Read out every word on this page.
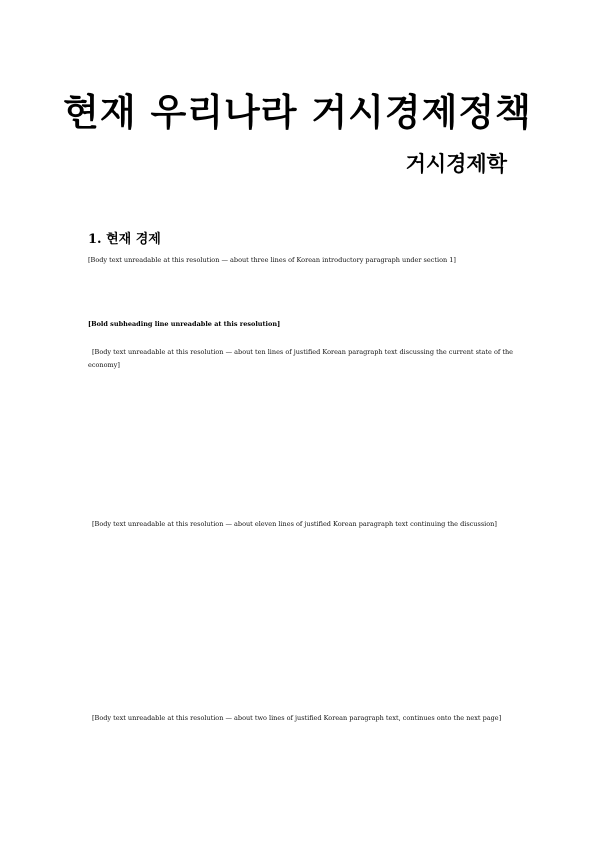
현재 우리나라 거시경제정책
거시경제학
1. 현재 경제
[Body text unreadable at this resolution — about three lines of Korean introductory paragraph under section 1]
[Bold subheading line unreadable at this resolution]
[Body text unreadable at this resolution — about ten lines of justified Korean paragraph text discussing the current state of the economy]
[Body text unreadable at this resolution — about eleven lines of justified Korean paragraph text continuing the discussion]
[Body text unreadable at this resolution — about two lines of justified Korean paragraph text, continues onto the next page]
